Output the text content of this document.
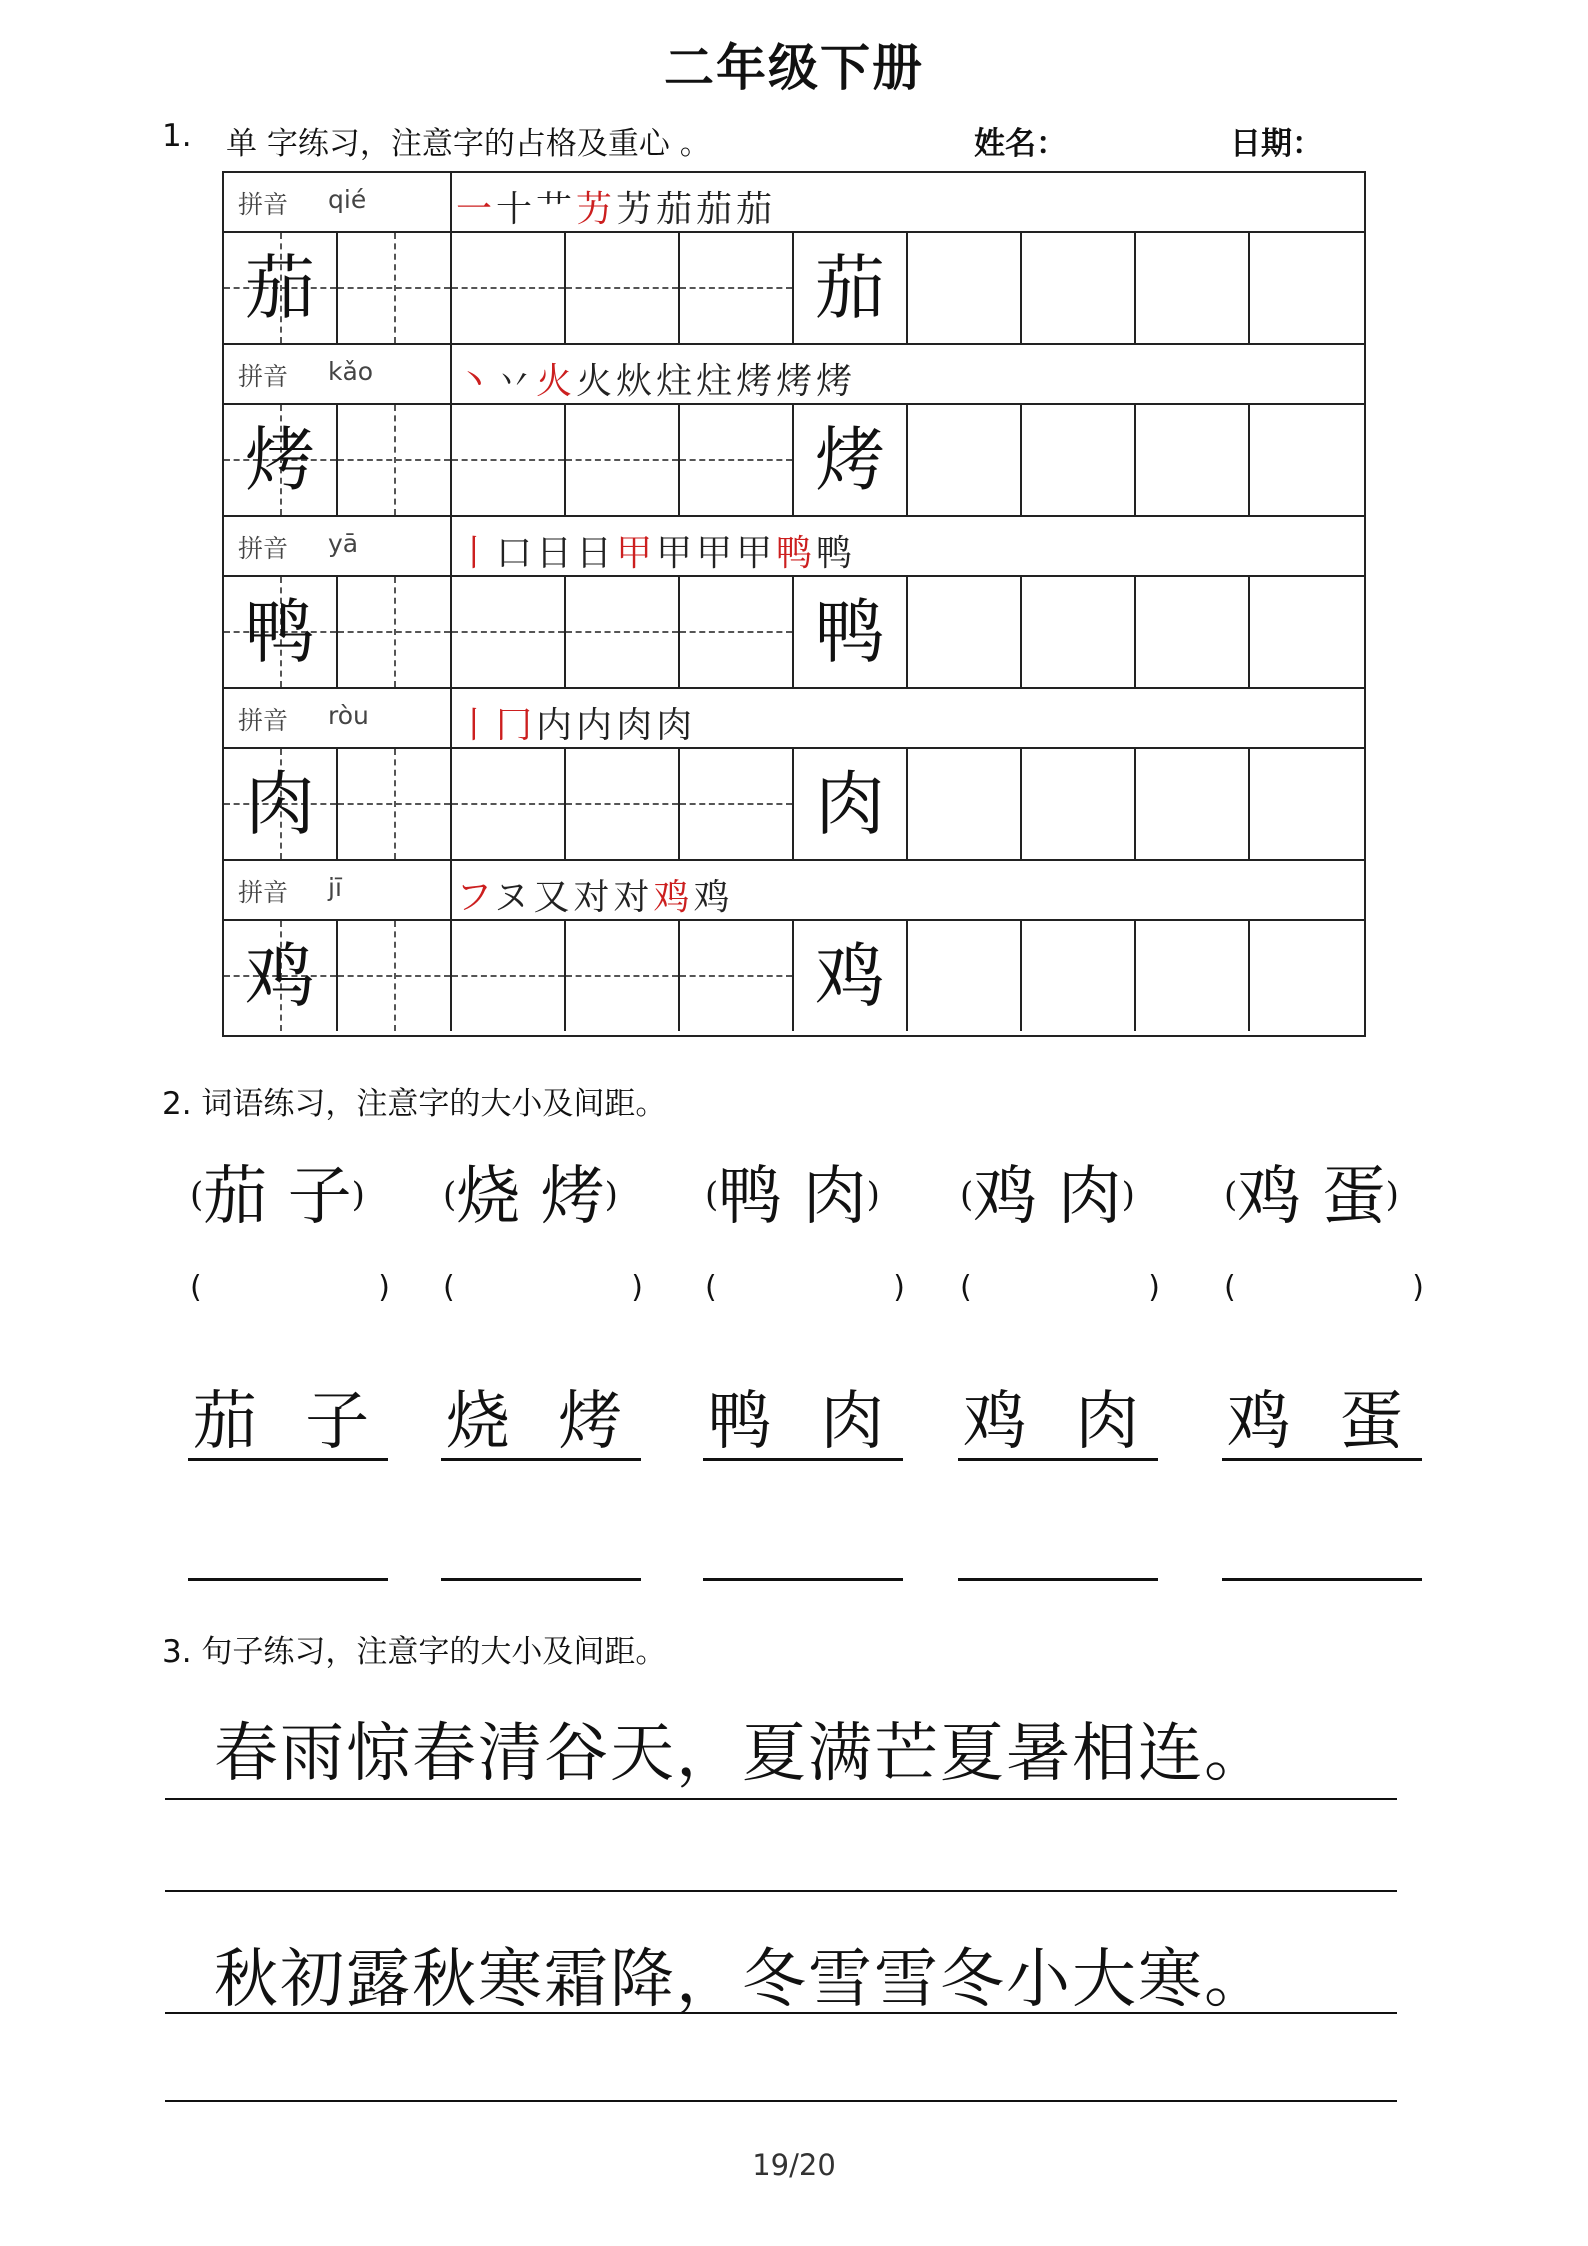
二年级下册
1. 单 字练习，注意字的占格及重心 。	姓名：	日期：
拼音 qié 一十艹艻艻茄茄茄
茄	茄
拼音 kǎo 丶丷火火炏炷炷烤烤烤
烤	烤
拼音 yā	丨口日日甲甲甲甲鸭鸭
鸭	鸭
拼音 ròu 丨冂内内肉肉
肉	肉
拼音 jī	フヌ又对对鸡鸡
鸡	鸡
2. 词语练习，注意字的大小及间距。
(茄 子)
(	)
茄 子
(烧 烤)
(	)
烧 烤
(鸭 肉)
(	)
鸭 肉
(鸡 肉)
(	)
鸡 肉
(鸡 蛋)
(	)
鸡 蛋
3. 句子练习，注意字的大小及间距。
春雨惊春清谷天，夏满芒夏暑相连。
秋初露秋寒霜降，冬雪雪冬小大寒。
19/20
